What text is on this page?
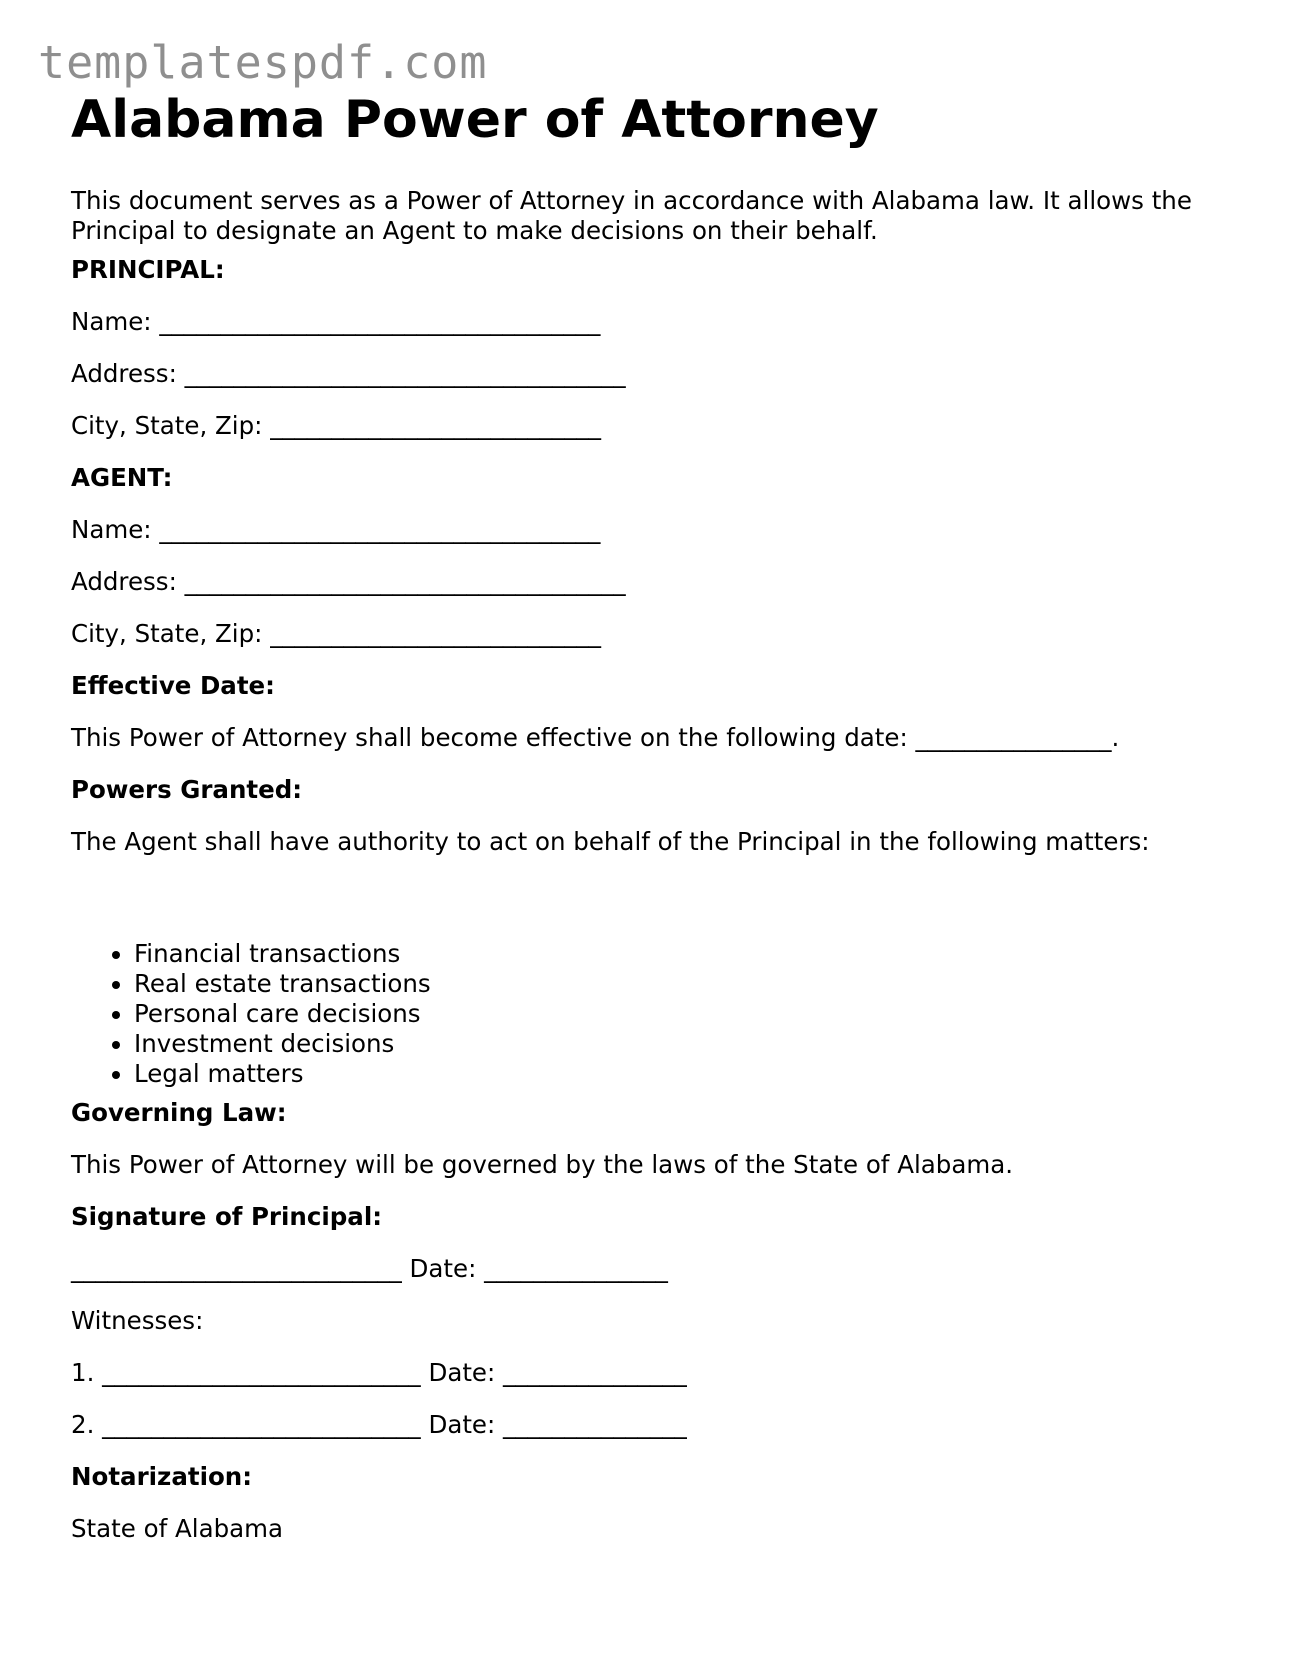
templatespdf.com
Alabama Power of Attorney
This document serves as a Power of Attorney in accordance with Alabama law. It allows the Principal to designate an Agent to make decisions on their behalf.
PRINCIPAL:
Name: ____________________________________
Address: ____________________________________
City, State, Zip: ___________________________
AGENT:
Name: ____________________________________
Address: ____________________________________
City, State, Zip: ___________________________
Effective Date:
This Power of Attorney shall become effective on the following date: ________________.
Powers Granted:
The Agent shall have authority to act on behalf of the Principal in the following matters:
• Financial transactions
• Real estate transactions
• Personal care decisions
• Investment decisions
• Legal matters
Governing Law:
This Power of Attorney will be governed by the laws of the State of Alabama.
Signature of Principal:
___________________________ Date: _______________
Witnesses:
1. __________________________ Date: _______________
2. __________________________ Date: _______________
Notarization:
State of Alabama
